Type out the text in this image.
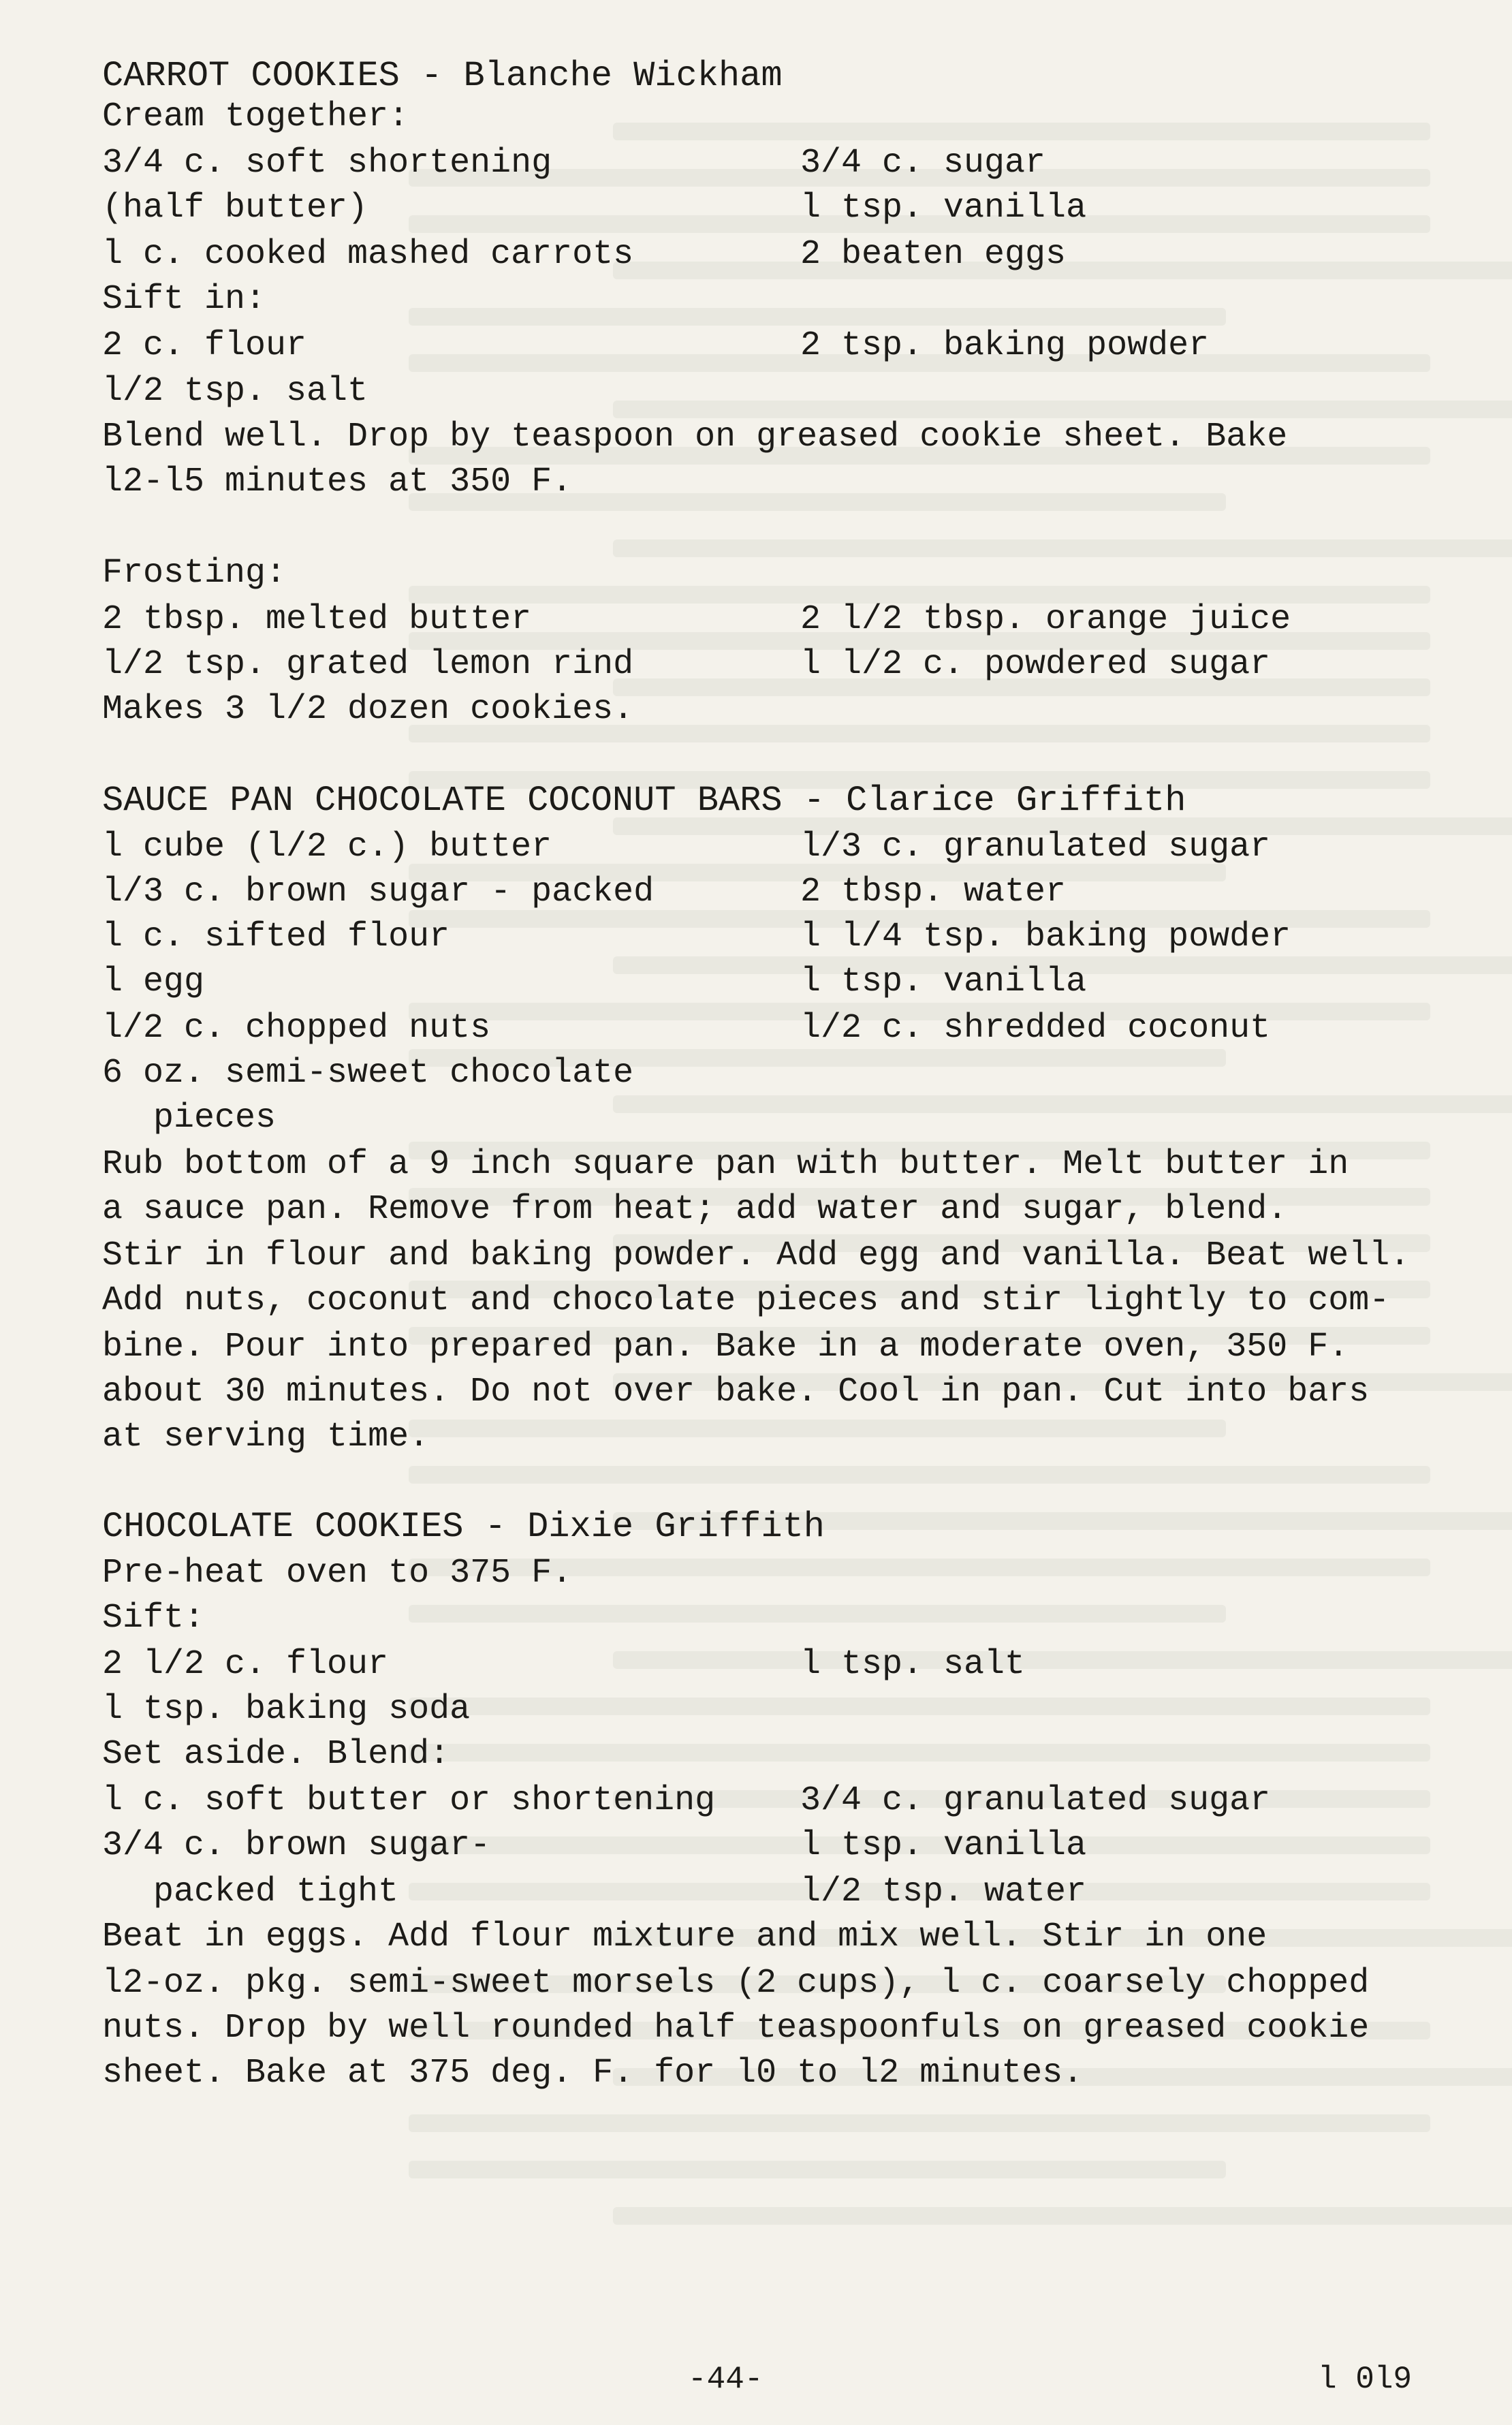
CARROT COOKIES - Blanche Wickham
Cream together:
3/4 c. soft shortening	3/4 c. sugar
(half butter)	l tsp. vanilla
l c. cooked mashed carrots	2 beaten eggs
Sift in:
2 c. flour	2 tsp. baking powder
l/2 tsp. salt
Blend well. Drop by teaspoon on greased cookie sheet. Bake
l2-l5 minutes at 350 F.
Frosting:
2 tbsp. melted butter	2 l/2 tbsp. orange juice
l/2 tsp. grated lemon rind	l l/2 c. powdered sugar
Makes 3 l/2 dozen cookies.
SAUCE PAN CHOCOLATE COCONUT BARS - Clarice Griffith
l cube (l/2 c.) butter	l/3 c. granulated sugar
l/3 c. brown sugar - packed	2 tbsp. water
l c. sifted flour	l l/4 tsp. baking powder
l egg	l tsp. vanilla
l/2 c. chopped nuts	l/2 c. shredded coconut
6 oz. semi-sweet chocolate
pieces
Rub bottom of a 9 inch square pan with butter. Melt butter in
a sauce pan. Remove from heat; add water and sugar, blend.
Stir in flour and baking powder. Add egg and vanilla. Beat well.
Add nuts, coconut and chocolate pieces and stir lightly to com-
bine. Pour into prepared pan. Bake in a moderate oven, 350 F.
about 30 minutes. Do not over bake. Cool in pan. Cut into bars
at serving time.
CHOCOLATE COOKIES - Dixie Griffith
Pre-heat oven to 375 F.
Sift:
2 l/2 c. flour	l tsp. salt
l tsp. baking soda
Set aside. Blend:
l c. soft butter or shortening 3/4 c. granulated sugar
3/4 c. brown sugar-	l tsp. vanilla
packed tight	l/2 tsp. water
Beat in eggs. Add flour mixture and mix well. Stir in one
l2-oz. pkg. semi-sweet morsels (2 cups), l c. coarsely chopped
nuts. Drop by well rounded half teaspoonfuls on greased cookie
sheet. Bake at 375 deg. F. for l0 to l2 minutes.
-44-	l 0l9
